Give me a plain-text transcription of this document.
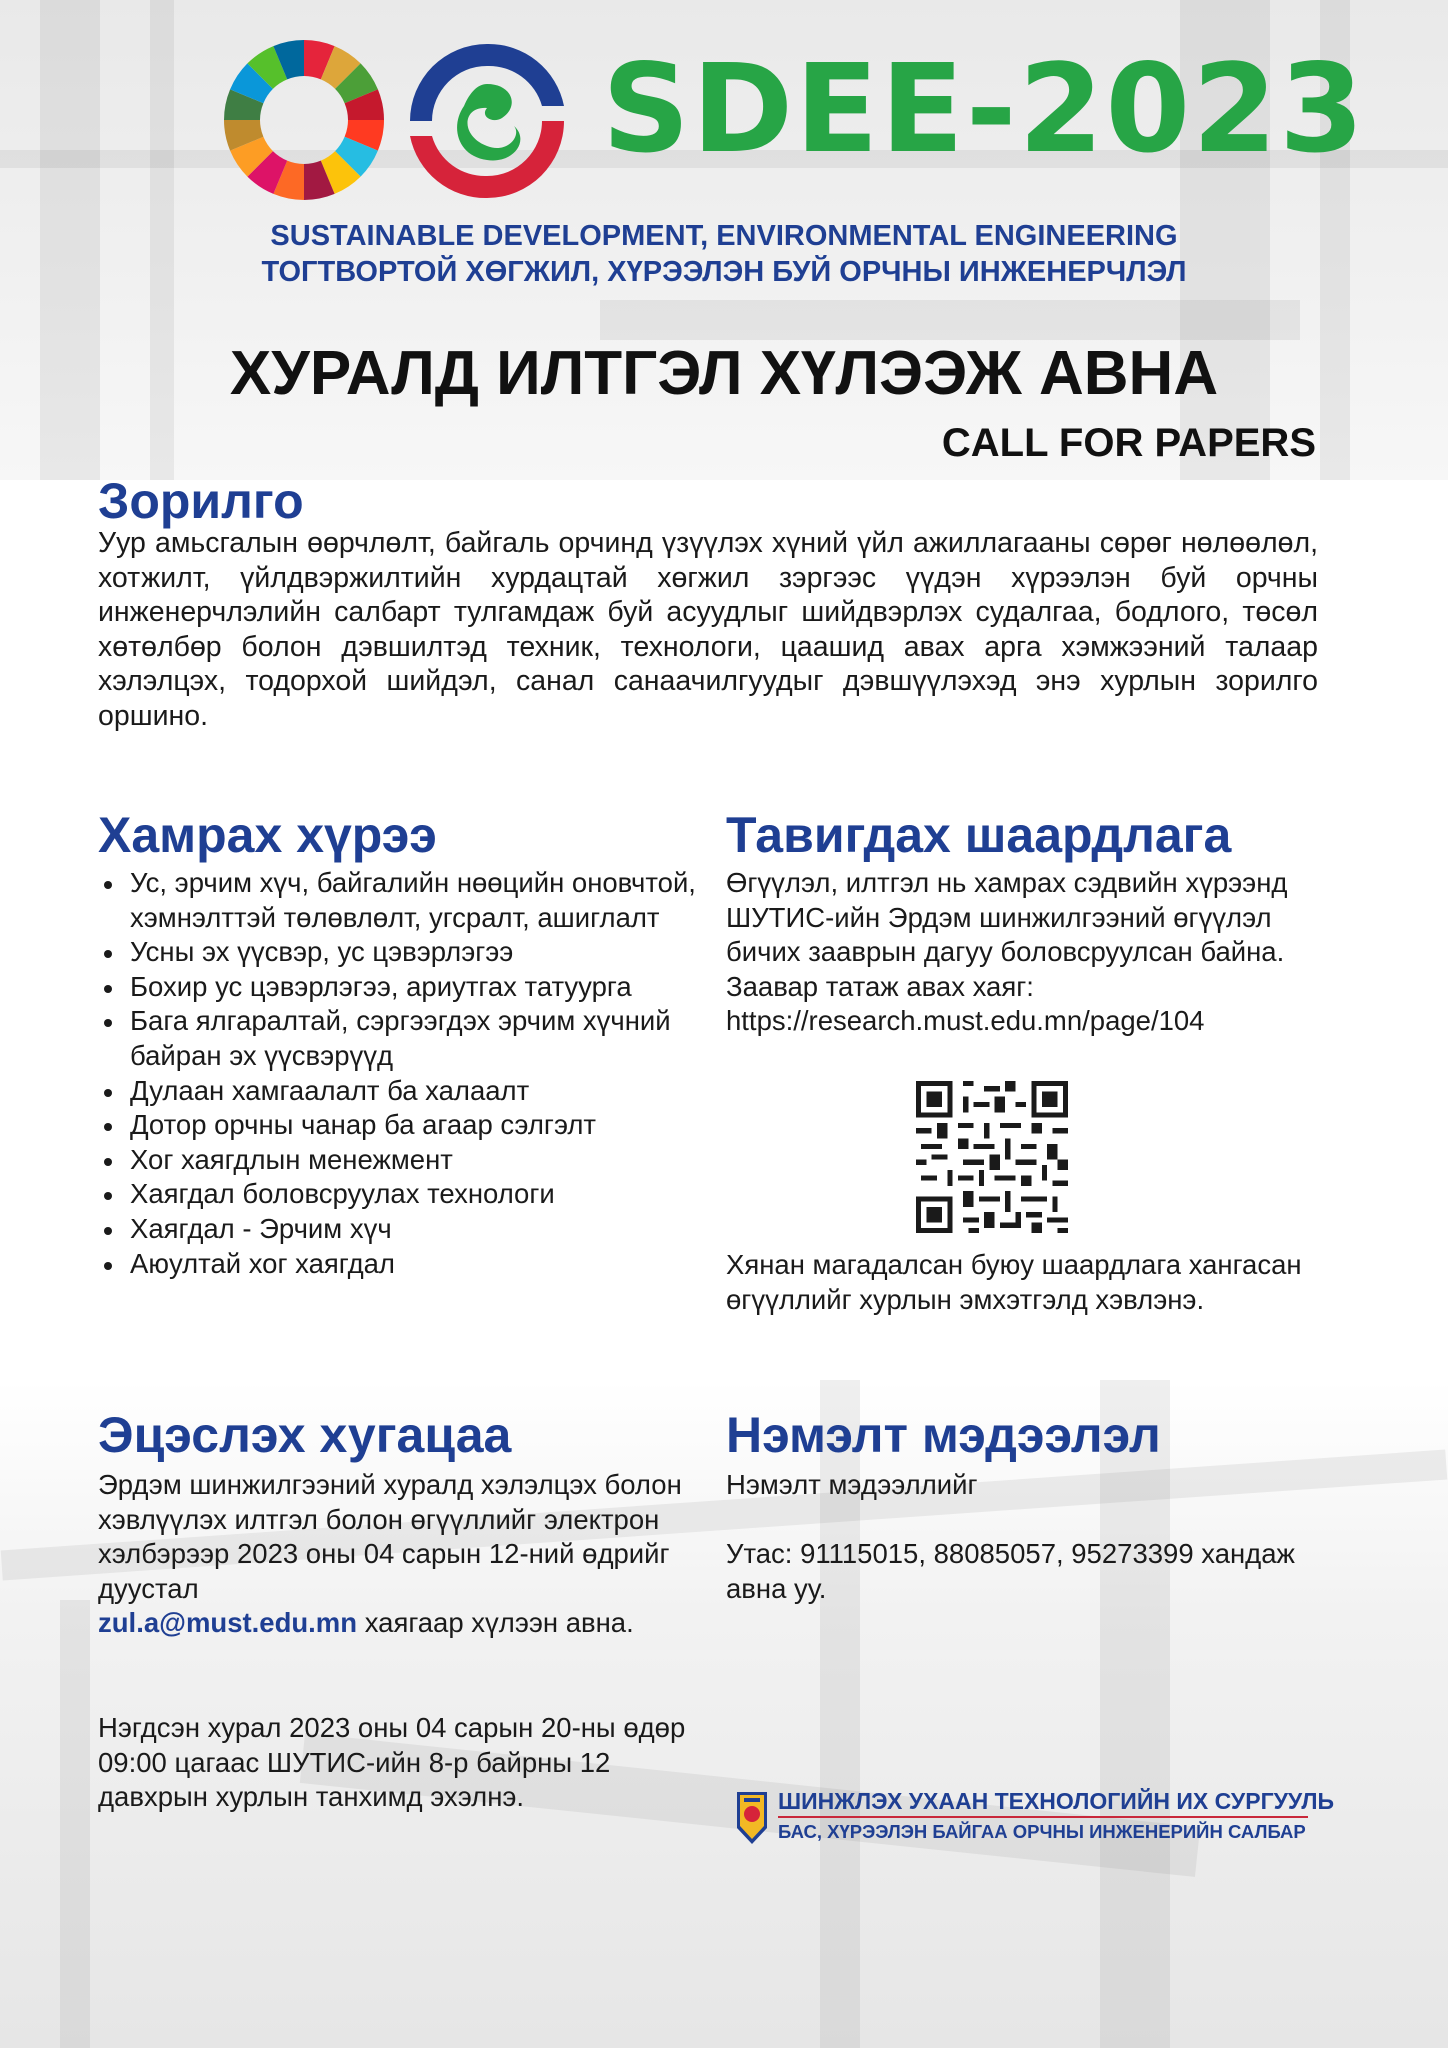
SDEE-2023
SUSTAINABLE DEVELOPMENT, ENVIRONMENTAL ENGINEERING
ТОГТВОРТОЙ ХӨГЖИЛ, ХҮРЭЭЛЭН БУЙ ОРЧНЫ ИНЖЕНЕРЧЛЭЛ
ХУРАЛД ИЛТГЭЛ ХҮЛЭЭЖ АВНА
CALL FOR PAPERS
Зорилго
Уур амьсгалын өөрчлөлт, байгаль орчинд үзүүлэх хүний үйл ажиллагааны сөрөг нөлөөлөл, хотжилт, үйлдвэржилтийн хурдацтай хөгжил зэргээс үүдэн хүрээлэн буй орчны инженерчлэлийн салбарт тулгамдаж буй асуудлыг шийдвэрлэх судалгаа, бодлого, төсөл хөтөлбөр болон дэвшилтэд техник, технологи, цаашид авах арга хэмжээний талаар хэлэлцэх, тодорхой шийдэл, санал санаачилгуудыг дэвшүүлэхэд энэ хурлын зорилго оршино.
Хамрах хүрээ
Ус, эрчим хүч, байгалийн нөөцийн оновчтой, хэмнэлттэй төлөвлөлт, угсралт, ашиглалт
Усны эх үүсвэр, ус цэвэрлэгээ
Бохир ус цэвэрлэгээ, ариутгах татуурга
Бага ялгаралтай, сэргээгдэх эрчим хүчний байран эх үүсвэрүүд
Дулаан хамгаалалт ба халаалт
Дотор орчны чанар ба агаар сэлгэлт
Хог хаягдлын менежмент
Хаягдал боловсруулах технологи
Хаягдал - Эрчим хүч
Аюултай хог хаягдал
Тавигдах шаардлага
Өгүүлэл, илтгэл нь хамрах сэдвийн хүрээнд ШУТИС-ийн Эрдэм шинжилгээний өгүүлэл бичих зааврын дагуу боловсруулсан байна. Заавар татаж авах хаяг:
https://research.must.edu.mn/page/104
Хянан магадалсан буюу шаардлага хангасан өгүүллийг хурлын эмхэтгэлд хэвлэнэ.
Эцэслэх хугацаа
Эрдэм шинжилгээний хуралд хэлэлцэх болон хэвлүүлэх илтгэл болон өгүүллийг электрон хэлбэрээр 2023 оны 04 сарын 12-ний өдрийг дуустал
zul.a@must.edu.mn хаягаар хүлээн авна.
Нэгдсэн хурал 2023 оны 04 сарын 20-ны өдөр 09:00 цагаас ШУТИС-ийн 8-р байрны 12 давхрын хурлын танхимд эхэлнэ.
Нэмэлт мэдээлэл
Нэмэлт мэдээллийг
Утас: 91115015, 88085057, 95273399 хандаж авна уу.
ШИНЖЛЭХ УХААН ТЕХНОЛОГИЙН ИХ СУРГУУЛЬ
БАС, ХҮРЭЭЛЭН БАЙГАА ОРЧНЫ ИНЖЕНЕРИЙН САЛБАР
